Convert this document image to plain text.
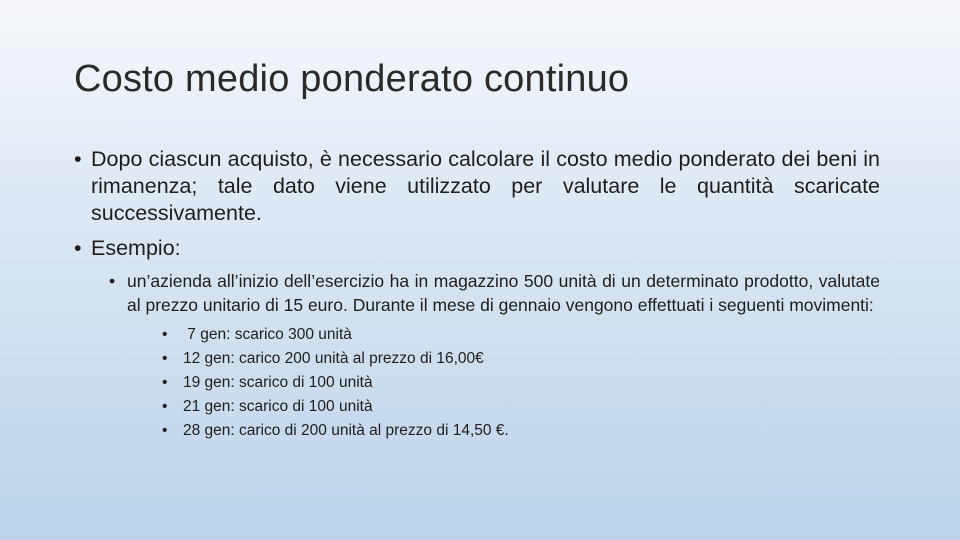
Costo medio ponderato continuo

• Dopo ciascun acquisto, è necessario calcolare il costo medio ponderato dei beni in rimanenza; tale dato viene utilizzato per valutare le quantità scaricate successivamente.

• Esempio:

• un’azienda all’inizio dell’esercizio ha in magazzino 500 unità di un determinato prodotto, valutate al prezzo unitario di 15 euro. Durante il mese di gennaio vengono effettuati i seguenti movimenti:

• 7 gen: scarico 300 unità
• 12 gen: carico 200 unità al prezzo di 16,00€
• 19 gen: scarico di 100 unità
• 21 gen: scarico di 100 unità
• 28 gen: carico di 200 unità al prezzo di 14,50 €.
